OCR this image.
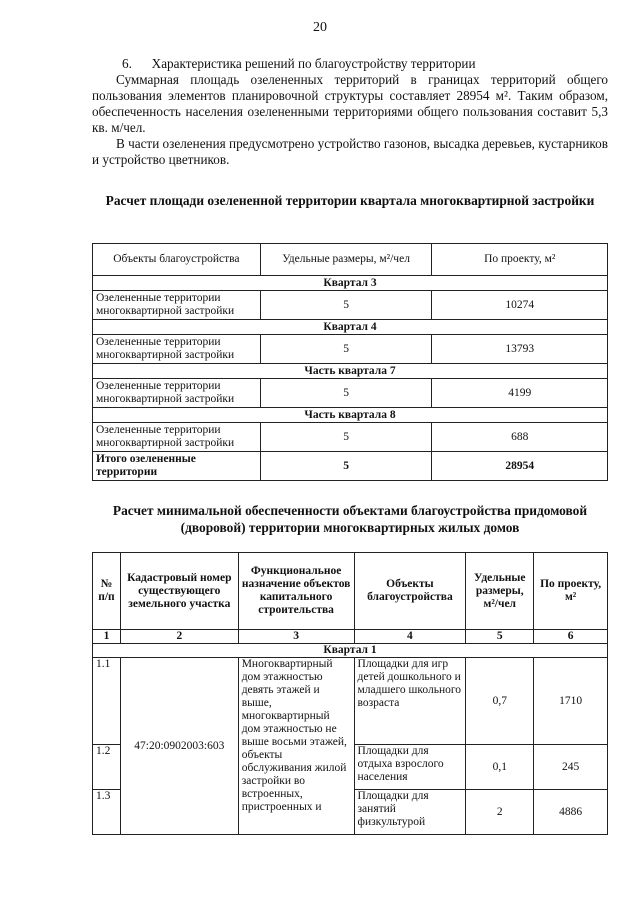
20

6.      Характеристика решений по благоустройству территории

Суммарная площадь озелененных территорий в границах территорий общего пользования элементов планировочной структуры составляет 28954 м². Таким образом, обеспеченность населения озелененными территориями общего пользования составит 5,3 кв. м/чел.

В части озеленения предусмотрено устройство газонов, высадка деревьев, кустарников и устройство цветников.

Расчет площади озелененной территории квартала многоквартирной застройки
Объекты благоустройства	Удельные размеры, м²/чел	По проекту, м²
Квартал 3		
Озелененные территории многоквартирной застройки	5	10274
Квартал 4		
Озелененные территории многоквартирной застройки	5	13793
Часть квартала 7		
Озелененные территории многоквартирной застройки	5	4199
Часть квартала 8		
Озелененные территории многоквартирной застройки	5	688
Итого озелененные территории	5	28954
Расчет минимальной обеспеченности объектами благоустройства придомовой (дворовой) территории многоквартирных жилых домов
№ п/п	Кадастровый номер существующего земельного участка	Функциональное назначение объектов капитального строительства	Объекты благоустройства	Удельные размеры, м²/чел	По проекту, м²
1	2	3	4	5	6
Квартал 1					
1.1	47:20:0902003:603	Многоквартирный дом этажностью девять этажей и выше, многоквартирный дом этажностью не выше восьми этажей, объекты обслуживания жилой застройки во встроенных, пристроенных и	Площадки для игр детей дошкольного и младшего школьного возраста	0,7	1710
1.2			Площадки для отдыха взрослого населения	0,1	245
1.3			Площадки для занятий физкультурой	2	4886
